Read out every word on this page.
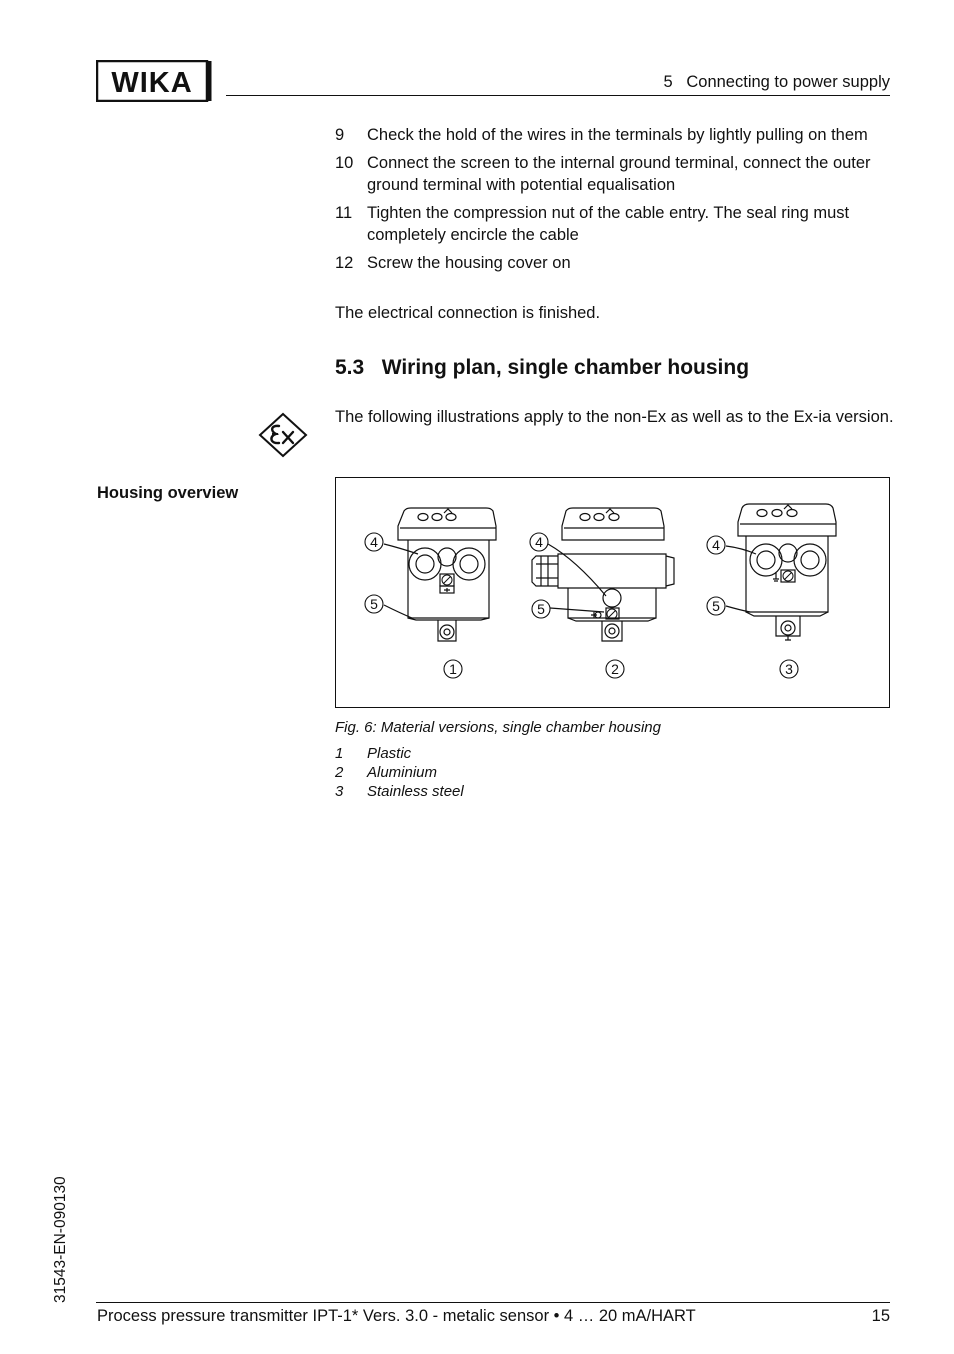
WIKA	5   Connecting to power supply
9	Check the hold of the wires in the terminals by lightly pulling on them
10 Connect the screen to the internal ground terminal, connect the outer ground terminal with potential equalisation
11 Tighten the compression nut of the cable entry. The seal ring must completely encircle the cable
12 Screw the housing cover on
The electrical connection is finished.
5.3   Wiring plan, single chamber housing
The following illustrations apply to the non-Ex as well as to the Ex-ia version.
Housing overview
4
5
4
5
4
5
1	2	3
Fig. 6: Material versions, single chamber housing
1	Plastic
2	Aluminium
3	Stainless steel
31543-EN-090130
Process pressure transmitter IPT-1* Vers. 3.0 - metalic sensor • 4 … 20 mA/HART	15
